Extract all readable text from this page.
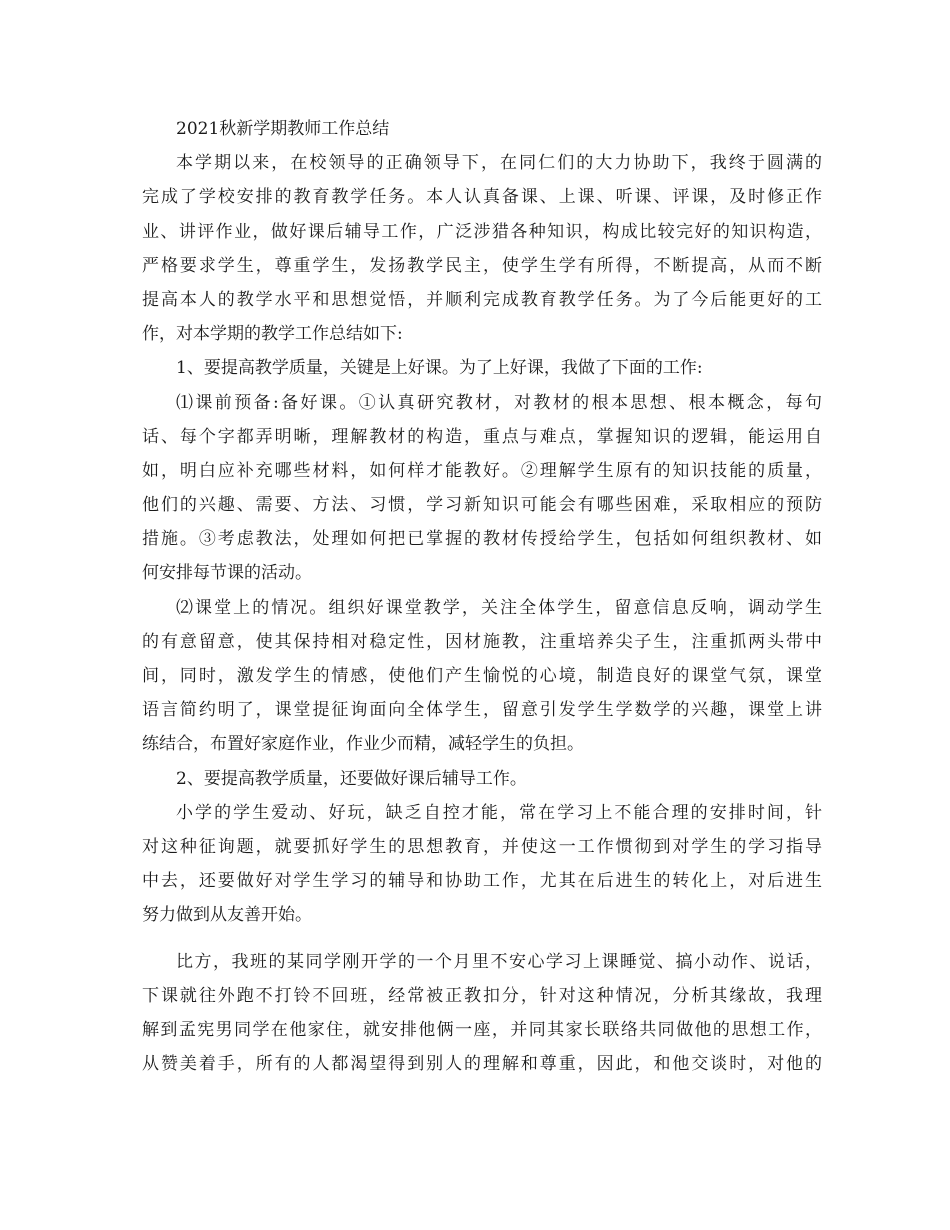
2021秋新学期教师工作总结
本学期以来，在校领导的正确领导下，在同仁们的大力协助下，我终于圆满的
完成了学校安排的教育教学任务。本人认真备课、上课、听课、评课，及时修正作
业、讲评作业，做好课后辅导工作，广泛涉猎各种知识，构成比较完好的知识构造，
严格要求学生，尊重学生，发扬教学民主，使学生学有所得，不断提高，从而不断
提高本人的教学水平和思想觉悟，并顺利完成教育教学任务。为了今后能更好的工
作，对本学期的教学工作总结如下:
1、要提高教学质量，关键是上好课。为了上好课，我做了下面的工作:
⑴课前预备:备好课。①认真研究教材，对教材的根本思想、根本概念，每句
话、每个字都弄明晰，理解教材的构造，重点与难点，掌握知识的逻辑，能运用自
如，明白应补充哪些材料，如何样才能教好。②理解学生原有的知识技能的质量，
他们的兴趣、需要、方法、习惯，学习新知识可能会有哪些困难，采取相应的预防
措施。③考虑教法，处理如何把已掌握的教材传授给学生，包括如何组织教材、如
何安排每节课的活动。
⑵课堂上的情况。组织好课堂教学，关注全体学生，留意信息反响，调动学生
的有意留意，使其保持相对稳定性，因材施教，注重培养尖子生，注重抓两头带中
间，同时，激发学生的情感，使他们产生愉悦的心境，制造良好的课堂气氛，课堂
语言简约明了，课堂提征询面向全体学生，留意引发学生学数学的兴趣，课堂上讲
练结合，布置好家庭作业，作业少而精，减轻学生的负担。
2、要提高教学质量，还要做好课后辅导工作。
小学的学生爱动、好玩，缺乏自控才能，常在学习上不能合理的安排时间，针
对这种征询题，就要抓好学生的思想教育，并使这一工作惯彻到对学生的学习指导
中去，还要做好对学生学习的辅导和协助工作，尤其在后进生的转化上，对后进生
努力做到从友善开始。
比方，我班的某同学刚开学的一个月里不安心学习上课睡觉、搞小动作、说话，
下课就往外跑不打铃不回班，经常被正教扣分，针对这种情况，分析其缘故，我理
解到孟宪男同学在他家住，就安排他俩一座，并同其家长联络共同做他的思想工作，
从赞美着手，所有的人都渴望得到别人的理解和尊重，因此，和他交谈时，对他的
